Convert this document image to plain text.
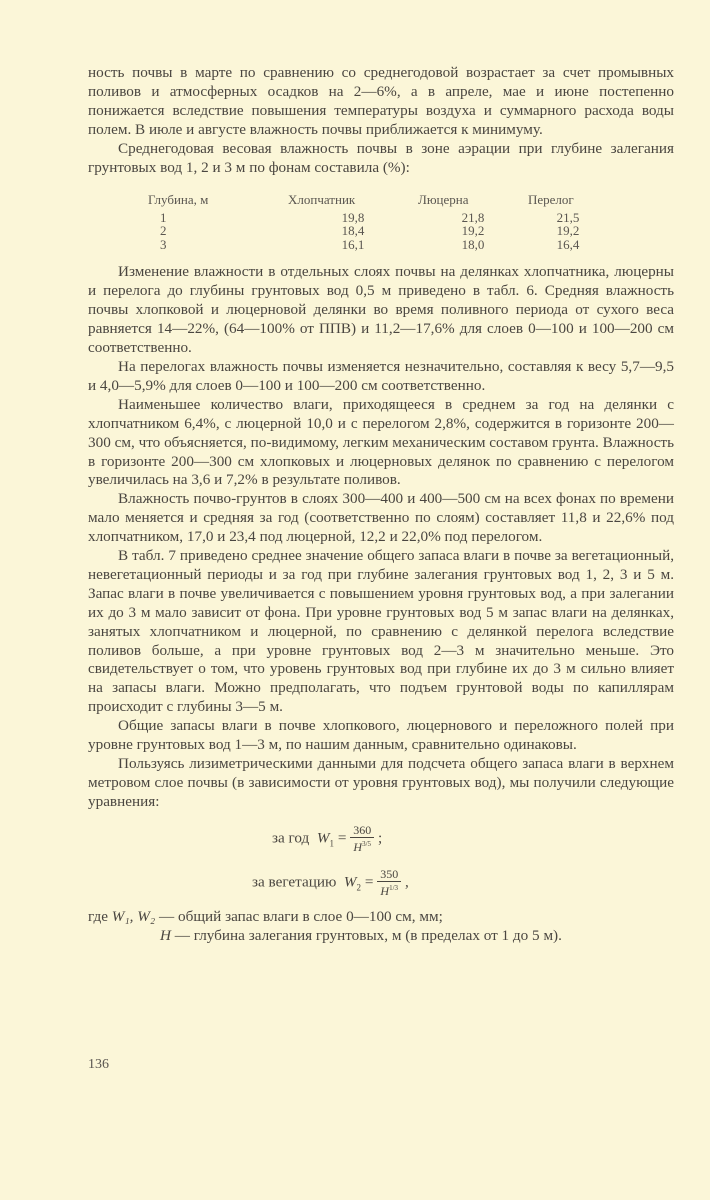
ность почвы в марте по сравнению со среднегодовой возрастает за счет промывных поливов и атмосферных осадков на 2—6%, а в апреле, мае и июне постепенно понижается вследствие повышения температуры воздуха и суммарного расхода воды полем. В июле и августе влажность почвы приближается к минимуму.

Среднегодовая весовая влажность почвы в зоне аэрации при глубине залегания грунтовых вод 1, 2 и 3 м по фонам составила (%):

Глубина, м	Хлопчатник	Люцерна	Перелог
1	19,8	21,8	21,5
2	18,4	19,2	19,2
3	16,1	18,0	16,4

Изменение влажности в отдельных слоях почвы на делянках хлопчатника, люцерны и перелога до глубины грунтовых вод 0,5 м приведено в табл. 6. Средняя влажность почвы хлопковой и люцерновой делянки во время поливного периода от сухого веса равняется 14—22%, (64—100% от ППВ) и 11,2—17,6% для слоев 0—100 и 100—200 см соответственно.

На перелогах влажность почвы изменяется незначительно, составляя к весу 5,7—9,5 и 4,0—5,9% для слоев 0—100 и 100—200 см соответственно.

Наименьшее количество влаги, приходящееся в среднем за год на делянки с хлопчатником 6,4%, с люцерной 10,0 и с перелогом 2,8%, содержится в горизонте 200—300 см, что объясняется, по-видимому, легким механическим составом грунта. Влажность в горизонте 200—300 см хлопковых и люцерновых делянок по сравнению с перелогом увеличилась на 3,6 и 7,2% в результате поливов.

Влажность почво-грунтов в слоях 300—400 и 400—500 см на всех фонах по времени мало меняется и средняя за год (соответственно по слоям) составляет 11,8 и 22,6% под хлопчатником, 17,0 и 23,4 под люцерной, 12,2 и 22,0% под перелогом.

В табл. 7 приведено среднее значение общего запаса влаги в почве за вегетационный, невегетационный периоды и за год при глубине залегания грунтовых вод 1, 2, 3 и 5 м. Запас влаги в почве увеличивается с повышением уровня грунтовых вод, а при залегании их до 3 м мало зависит от фона. При уровне грунтовых вод 5 м запас влаги на делянках, занятых хлопчатником и люцерной, по сравнению с делянкой перелога вследствие поливов больше, а при уровне грунтовых вод 2—3 м значительно меньше. Это свидетельствует о том, что уровень грунтовых вод при глубине их до 3 м сильно влияет на запасы влаги. Можно предполагать, что подъем грунтовой воды по капиллярам происходит с глубины 3—5 м.

Общие запасы влаги в почве хлопкового, люцернового и переложного полей при уровне грунтовых вод 1—3 м, по нашим данным, сравнительно одинаковы.

Пользуясь лизиметрическими данными для подсчета общего запаса влаги в верхнем метровом слое почвы (в зависимости от уровня грунтовых вод), мы получили следующие уравнения:

за год $W_1 = \frac{360}{H^{3/5}}$ ;
за вегетацию $W_2 = \frac{350}{H^{1/3}}$ ,
где W₁, W₂ — общий запас влаги в слое 0—100 см, мм;
H — глубина залегания грунтовых, м (в пределах от 1 до 5 м).
136
